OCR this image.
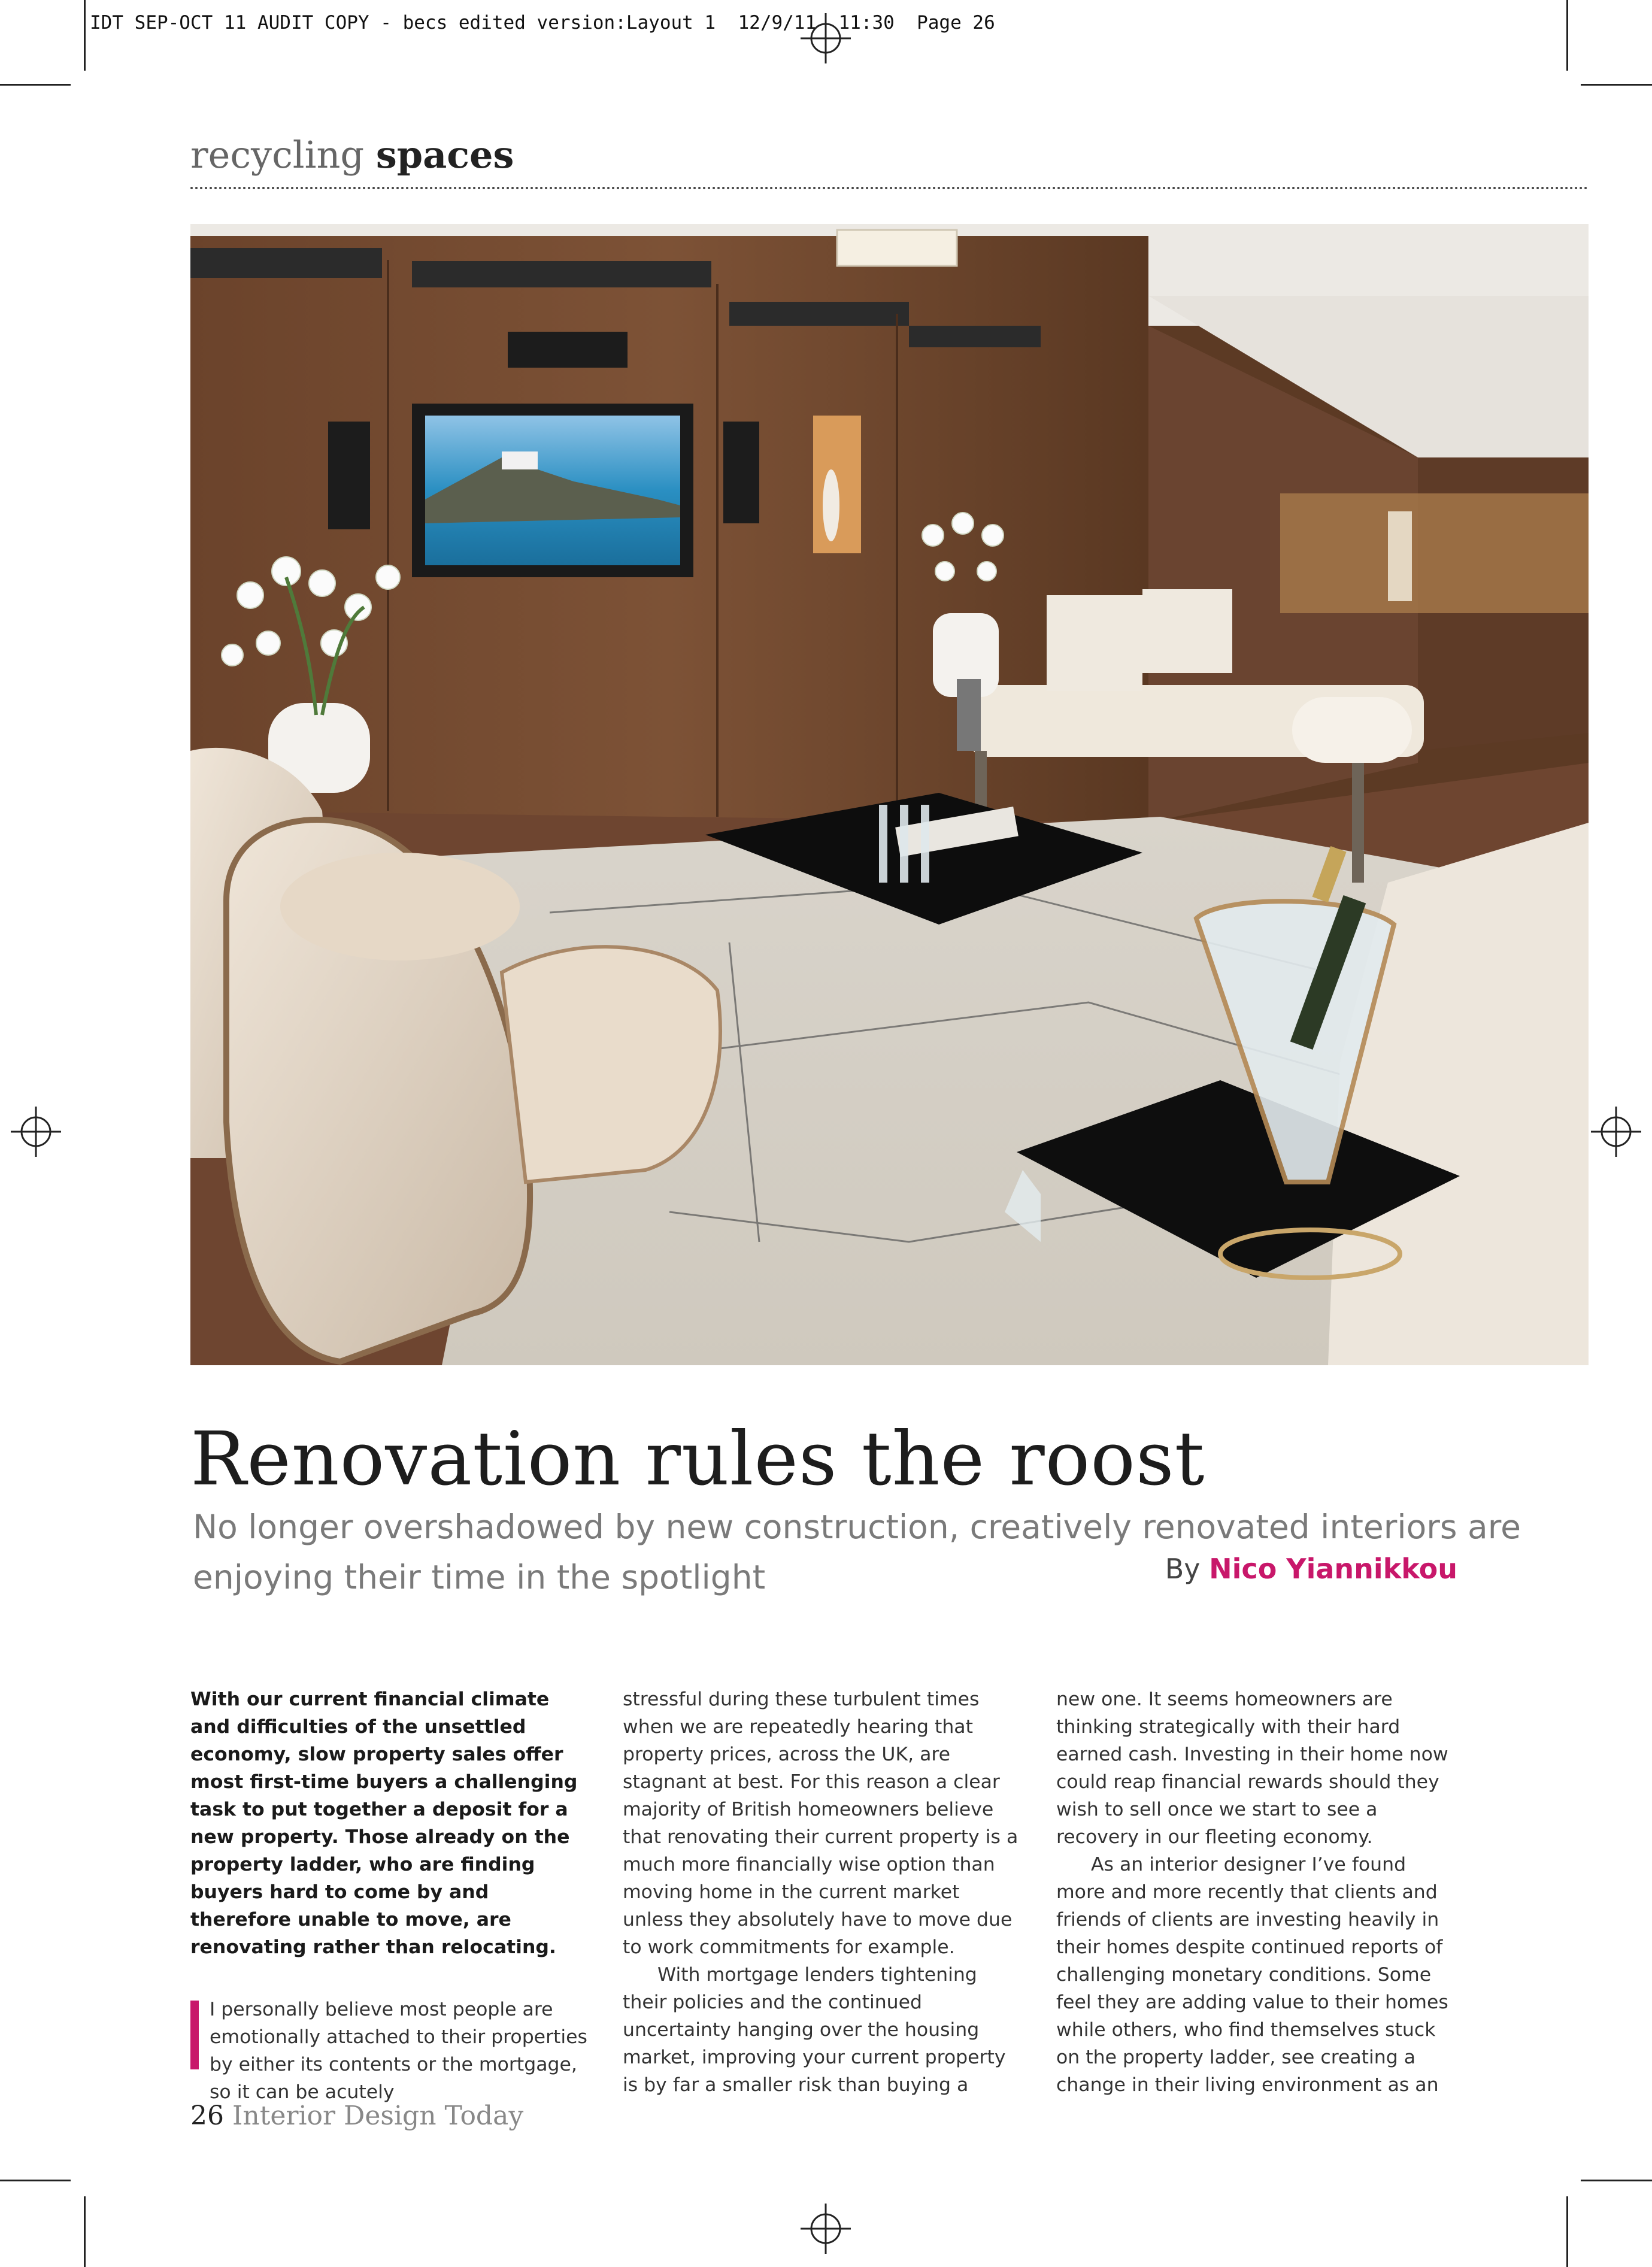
IDT SEP-OCT 11 AUDIT COPY - becs edited version:Layout 1  12/9/11  11:30  Page 26
recycling spaces
Renovation rules the roost
No longer overshadowed by new construction, creatively renovated interiors are enjoying their time in the spotlight	By Nico Yiannikkou

With our current financial climate and difficulties of the unsettled economy, slow property sales offer most first-time buyers a challenging task to put together a deposit for a new property. Those already on the property ladder, who are finding buyers hard to come by and therefore unable to move, are renovating rather than relocating.

I personally believe most people are emotionally attached to their properties by either its contents or the mortgage, so it can be acutely

stressful during these turbulent times when we are repeatedly hearing that property prices, across the UK, are stagnant at best. For this reason a clear majority of British homeowners believe that renovating their current property is a much more financially wise option than moving home in the current market unless they absolutely have to move due to work commitments for example.

With mortgage lenders tightening their policies and the continued uncertainty hanging over the housing market, improving your current property is by far a smaller risk than buying a

new one. It seems homeowners are thinking strategically with their hard earned cash. Investing in their home now could reap financial rewards should they wish to sell once we start to see a recovery in our fleeting economy.

As an interior designer I’ve found more and more recently that clients and friends of clients are investing heavily in their homes despite continued reports of challenging monetary conditions. Some feel they are adding value to their homes while others, who find themselves stuck on the property ladder, see creating a change in their living environment as an

26 Interior Design Today
